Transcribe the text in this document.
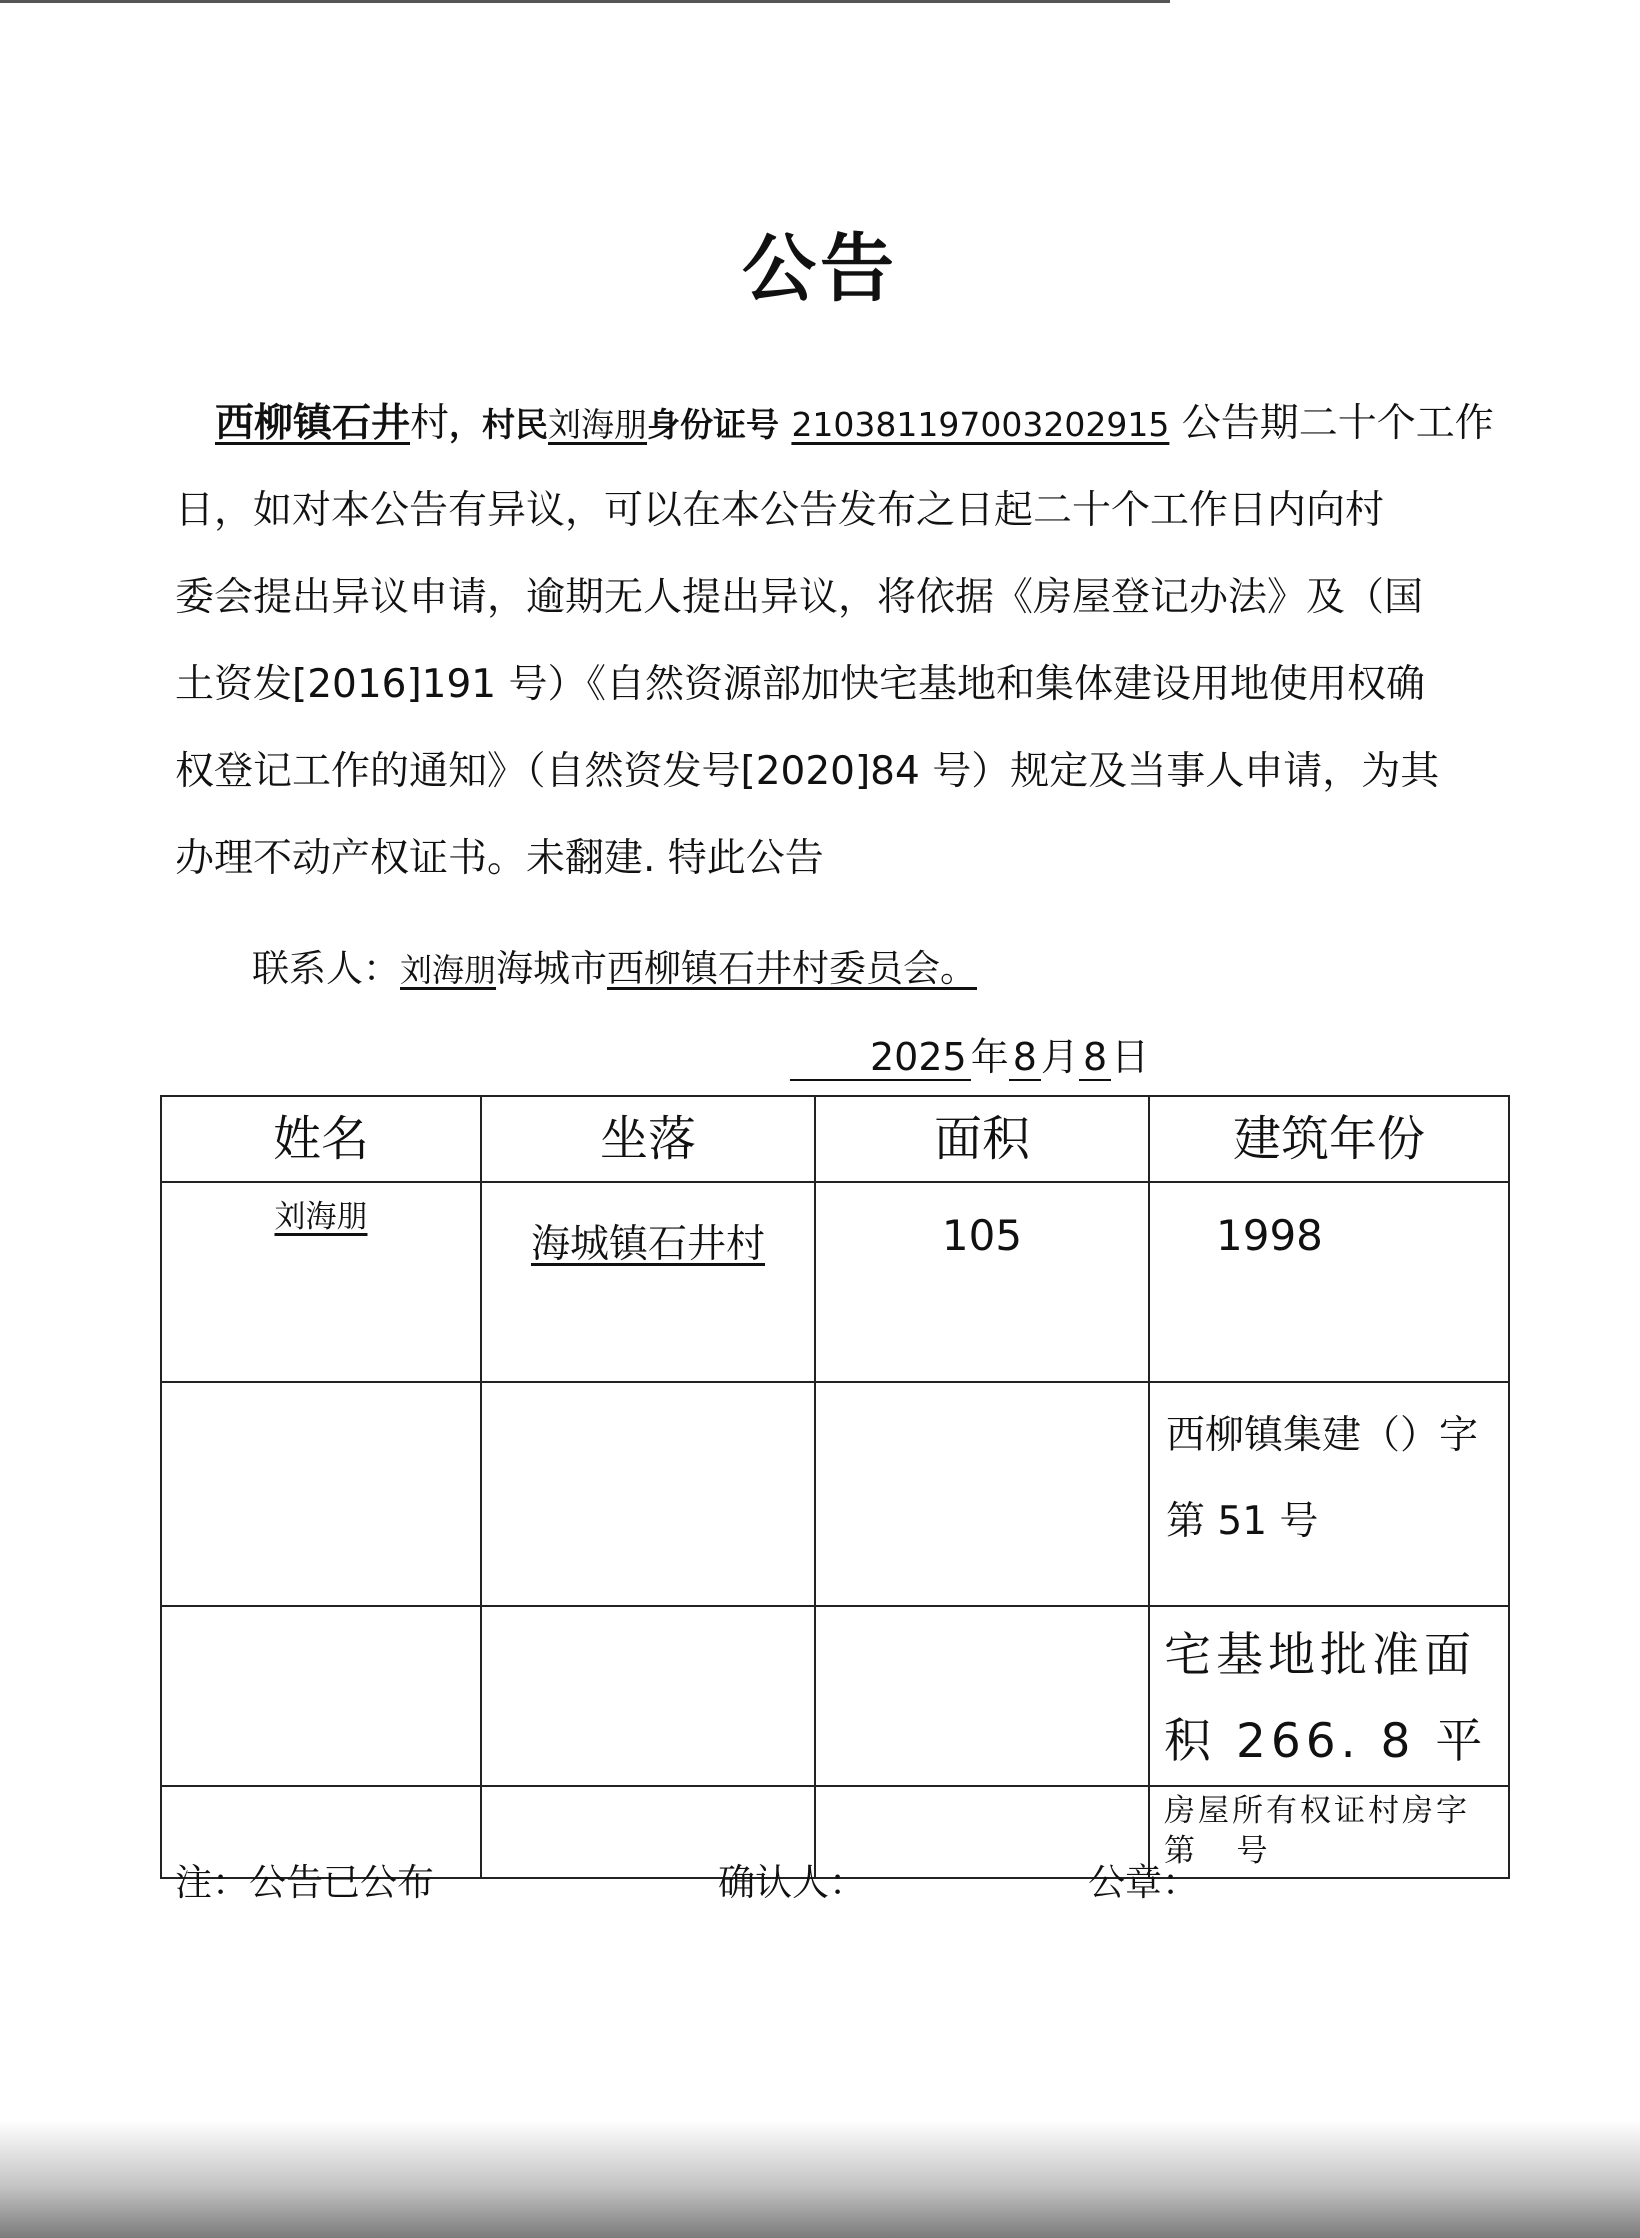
公告
西柳镇石井村，村民刘海朋身份证号 210381197003202915 公告期二十个工作
日，如对本公告有异议，可以在本公告发布之日起二十个工作日内向村
委会提出异议申请，逾期无人提出异议，将依据《房屋登记办法》及（国
土资发[2016]191 号）《自然资源部加快宅基地和集体建设用地使用权确
权登记工作的通知》（自然资发号[2020]84 号）规定及当事人申请，为其
办理不动产权证书。未翻建. 特此公告
联系人：刘海朋海城市西柳镇石井村委员会。
2025 年 8 月 8 日
姓名	坐落	面积	建筑年份
刘海朋	海城镇石井村	105	1998

			西柳镇集建（）字
第 51 号

			宅基地批准面
积 266. 8 平

			房屋所有权证村房字
第   号
注：公告已公布	确认人：	公章：
